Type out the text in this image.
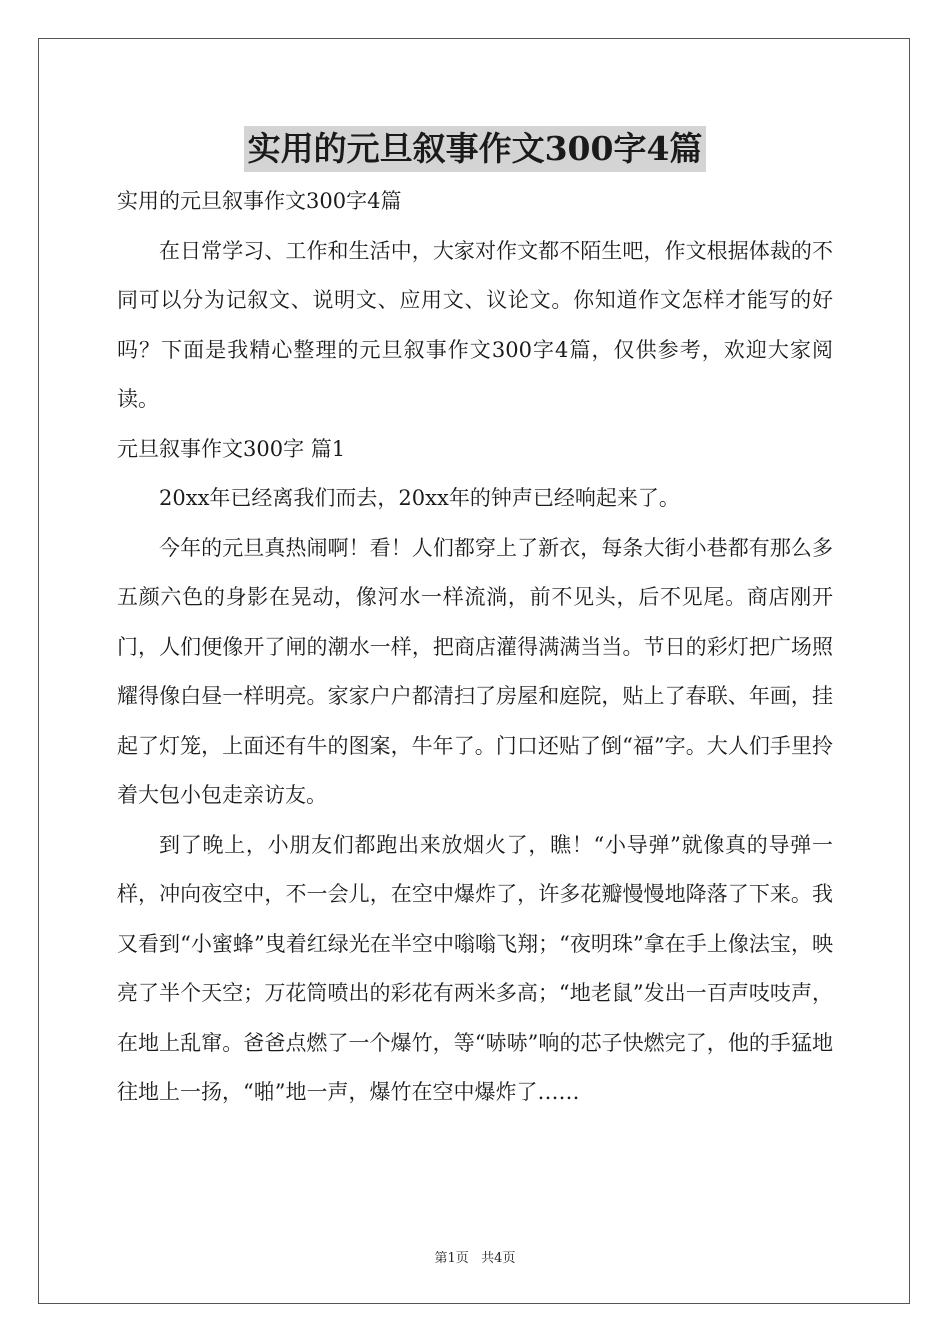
实用的元旦叙事作文300字4篇

实用的元旦叙事作文300字4篇

在日常学习、工作和生活中，大家对作文都不陌生吧，作文根据体裁的不同可以分为记叙文、说明文、应用文、议论文。你知道作文怎样才能写的好吗？下面是我精心整理的元旦叙事作文300字4篇，仅供参考，欢迎大家阅读。

元旦叙事作文300字 篇1

20xx年已经离我们而去，20xx年的钟声已经响起来了。

今年的元旦真热闹啊！看！人们都穿上了新衣，每条大街小巷都有那么多五颜六色的身影在晃动，像河水一样流淌，前不见头，后不见尾。商店刚开门，人们便像开了闸的潮水一样，把商店灌得满满当当。节日的彩灯把广场照耀得像白昼一样明亮。家家户户都清扫了房屋和庭院，贴上了春联、年画，挂起了灯笼，上面还有牛的图案，牛年了。门口还贴了倒“福”字。大人们手里拎着大包小包走亲访友。

到了晚上，小朋友们都跑出来放烟火了，瞧！“小导弹”就像真的导弹一样，冲向夜空中，不一会儿，在空中爆炸了，许多花瓣慢慢地降落了下来。我又看到“小蜜蜂”曳着红绿光在半空中嗡嗡飞翔；“夜明珠”拿在手上像法宝，映亮了半个天空；万花筒喷出的彩花有两米多高；“地老鼠”发出一百声吱吱声，在地上乱窜。爸爸点燃了一个爆竹，等“哧哧”响的芯子快燃完了，他的手猛地往地上一扬，“啪”地一声，爆竹在空中爆炸了……

第1页   共4页
